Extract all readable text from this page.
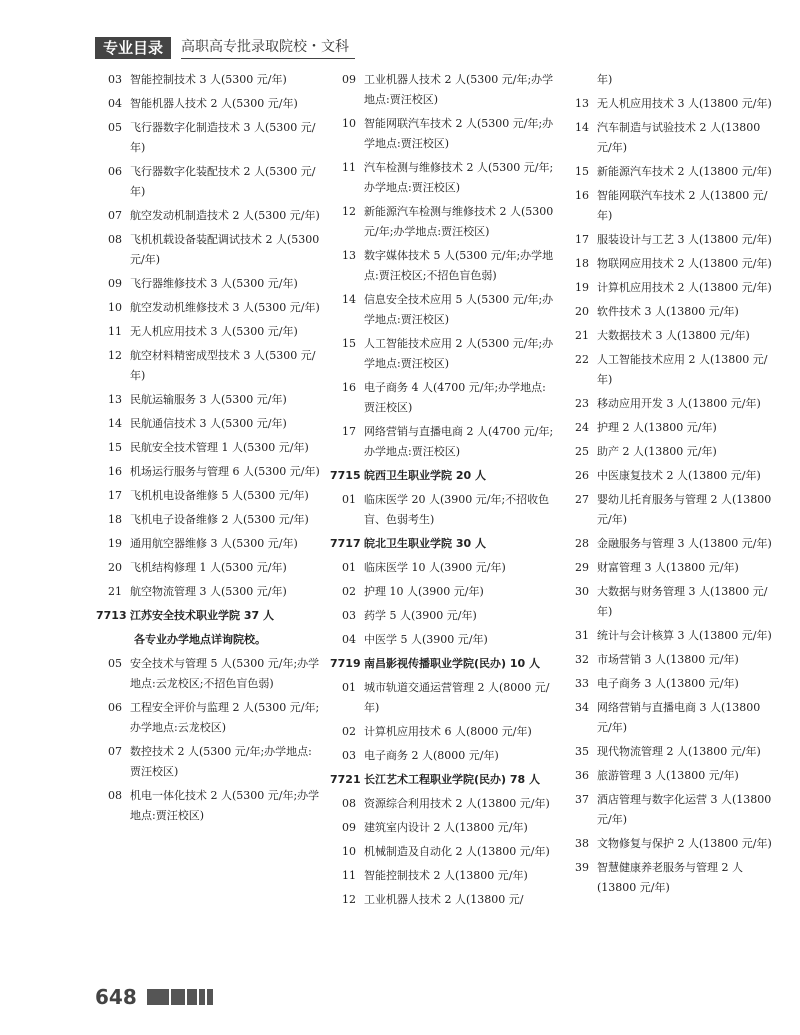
专业目录	高职高专批录取院校・文科
03 智能控制技术 3 人(5300 元/年)
04 智能机器人技术 2 人(5300 元/年)
05 飞行器数字化制造技术 3 人(5300 元/年)
06 飞行器数字化装配技术 2 人(5300 元/年)
07 航空发动机制造技术 2 人(5300 元/年)
08 飞机机载设备装配调试技术 2 人(5300 元/年)
09 飞行器维修技术 3 人(5300 元/年)
10 航空发动机维修技术 3 人(5300 元/年)
11 无人机应用技术 3 人(5300 元/年)
12 航空材料精密成型技术 3 人(5300 元/年)
13 民航运输服务 3 人(5300 元/年)
14 民航通信技术 3 人(5300 元/年)
15 民航安全技术管理 1 人(5300 元/年)
16 机场运行服务与管理 6 人(5300 元/年)
17 飞机机电设备维修 5 人(5300 元/年)
18 飞机电子设备维修 2 人(5300 元/年)
19 通用航空器维修 3 人(5300 元/年)
20 飞机结构修理 1 人(5300 元/年)
21 航空物流管理 3 人(5300 元/年)
7713 江苏安全技术职业学院 37 人
各专业办学地点详询院校。
05 安全技术与管理 5 人(5300 元/年;办学地点:云龙校区;不招色盲色弱)
06 工程安全评价与监理 2 人(5300 元/年;办学地点:云龙校区)
07 数控技术 2 人(5300 元/年;办学地点:贾汪校区)
08 机电一体化技术 2 人(5300 元/年;办学地点:贾汪校区)
09 工业机器人技术 2 人(5300 元/年;办学地点:贾汪校区)
10 智能网联汽车技术 2 人(5300 元/年;办学地点:贾汪校区)
11 汽车检测与维修技术 2 人(5300 元/年;办学地点:贾汪校区)
12 新能源汽车检测与维修技术 2 人(5300 元/年;办学地点:贾汪校区)
13 数字媒体技术 5 人(5300 元/年;办学地点:贾汪校区;不招色盲色弱)
14 信息安全技术应用 5 人(5300 元/年;办学地点:贾汪校区)
15 人工智能技术应用 2 人(5300 元/年;办学地点:贾汪校区)
16 电子商务 4 人(4700 元/年;办学地点:贾汪校区)
17 网络营销与直播电商 2 人(4700 元/年;办学地点:贾汪校区)
7715 皖西卫生职业学院 20 人
01 临床医学 20 人(3900 元/年;不招收色盲、色弱考生)
7717 皖北卫生职业学院 30 人
01 临床医学 10 人(3900 元/年)
02 护理 10 人(3900 元/年)
03 药学 5 人(3900 元/年)
04 中医学 5 人(3900 元/年)
7719 南昌影视传播职业学院(民办) 10 人
01 城市轨道交通运营管理 2 人(8000 元/年)
02 计算机应用技术 6 人(8000 元/年)
03 电子商务 2 人(8000 元/年)
7721 长江艺术工程职业学院(民办) 78 人
08 资源综合利用技术 2 人(13800 元/年)
09 建筑室内设计 2 人(13800 元/年)
10 机械制造及自动化 2 人(13800 元/年)
11 智能控制技术 2 人(13800 元/年)
12 工业机器人技术 2 人(13800 元/
年)
13 无人机应用技术 3 人(13800 元/年)
14 汽车制造与试验技术 2 人(13800 元/年)
15 新能源汽车技术 2 人(13800 元/年)
16 智能网联汽车技术 2 人(13800 元/年)
17 服装设计与工艺 3 人(13800 元/年)
18 物联网应用技术 2 人(13800 元/年)
19 计算机应用技术 2 人(13800 元/年)
20 软件技术 3 人(13800 元/年)
21 大数据技术 3 人(13800 元/年)
22 人工智能技术应用 2 人(13800 元/年)
23 移动应用开发 3 人(13800 元/年)
24 护理 2 人(13800 元/年)
25 助产 2 人(13800 元/年)
26 中医康复技术 2 人(13800 元/年)
27 婴幼儿托育服务与管理 2 人(13800 元/年)
28 金融服务与管理 3 人(13800 元/年)
29 财富管理 3 人(13800 元/年)
30 大数据与财务管理 3 人(13800 元/年)
31 统计与会计核算 3 人(13800 元/年)
32 市场营销 3 人(13800 元/年)
33 电子商务 3 人(13800 元/年)
34 网络营销与直播电商 3 人(13800 元/年)
35 现代物流管理 2 人(13800 元/年)
36 旅游管理 3 人(13800 元/年)
37 酒店管理与数字化运营 3 人(13800 元/年)
38 文物修复与保护 2 人(13800 元/年)
39 智慧健康养老服务与管理 2 人(13800 元/年)
648
